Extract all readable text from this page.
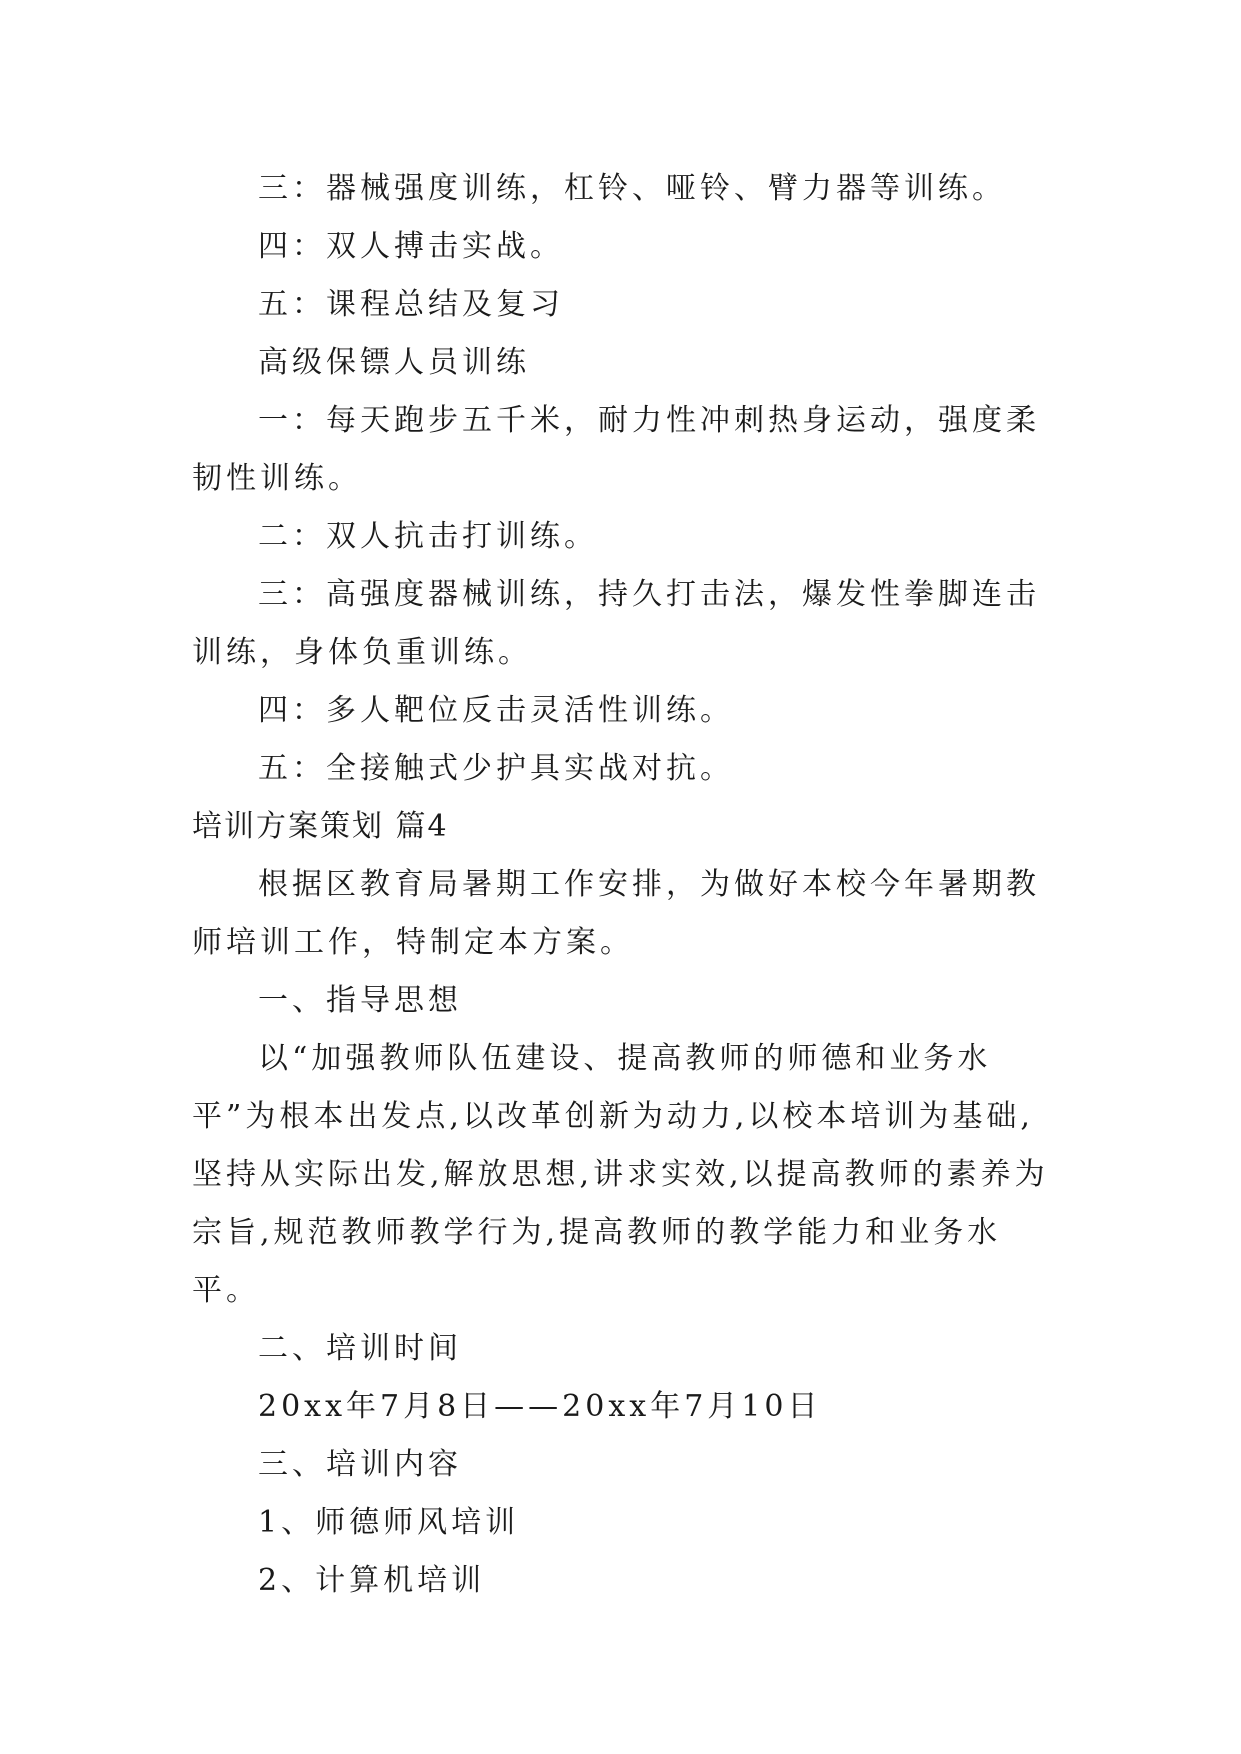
三：器械强度训练，杠铃、哑铃、臂力器等训练。

四：双人搏击实战。

五：课程总结及复习

高级保镖人员训练

一：每天跑步五千米，耐力性冲刺热身运动，强度柔韧性训练。

二：双人抗击打训练。

三：高强度器械训练，持久打击法，爆发性拳脚连击训练，身体负重训练。

四：多人靶位反击灵活性训练。

五：全接触式少护具实战对抗。

培训方案策划 篇4

根据区教育局暑期工作安排，为做好本校今年暑期教师培训工作，特制定本方案。

一、指导思想

以“加强教师队伍建设、提高教师的师德和业务水平”为根本出发点,以改革创新为动力,以校本培训为基础,坚持从实际出发,解放思想,讲求实效,以提高教师的素养为宗旨,规范教师教学行为,提高教师的教学能力和业务水平。

二、培训时间

20xx年7月8日——20xx年7月10日

三、培训内容

1、师德师风培训

2、计算机培训
